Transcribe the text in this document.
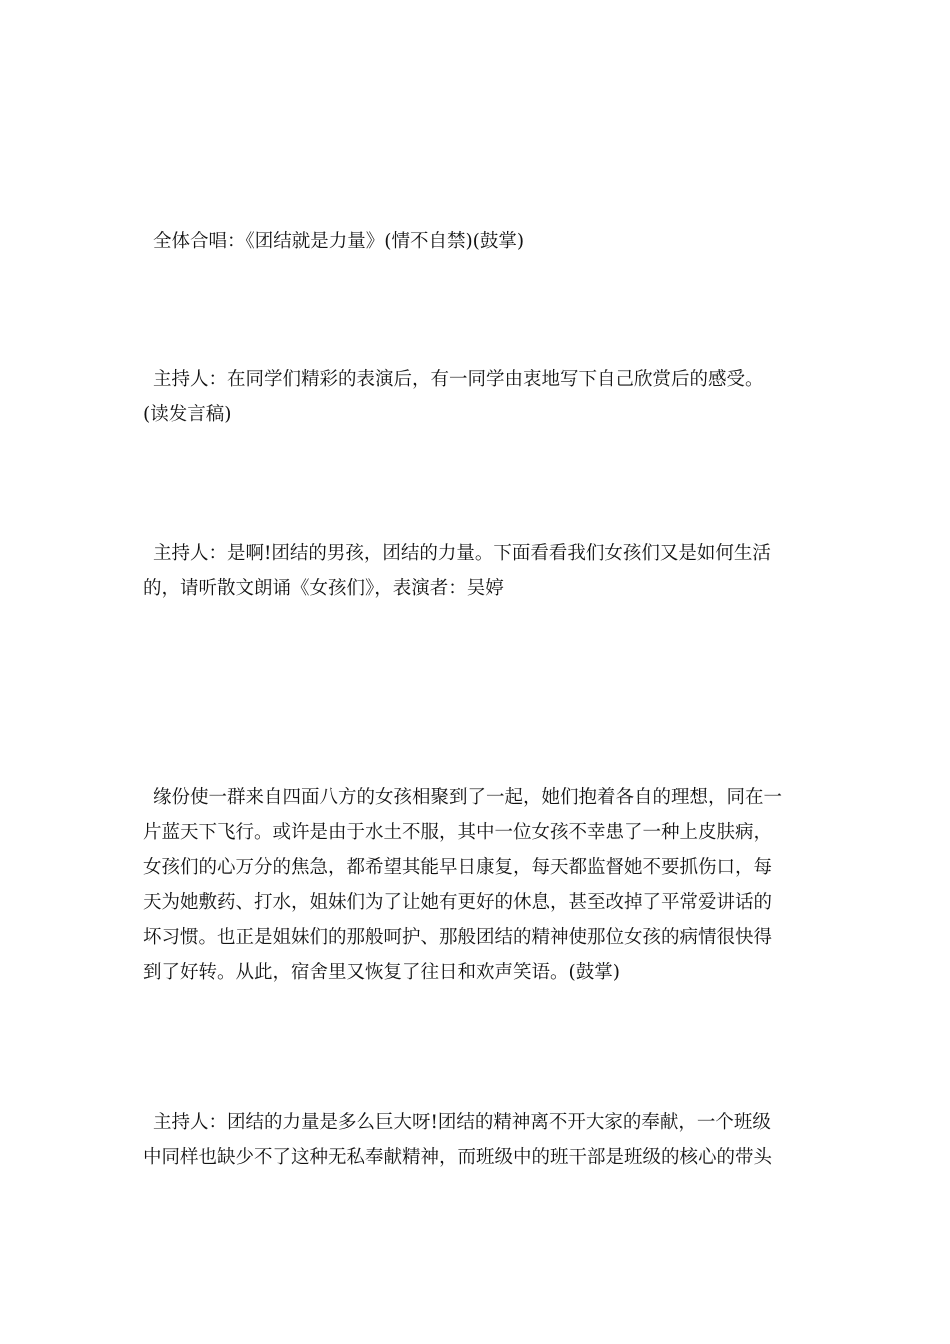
全体合唱：《团结就是力量》(情不自禁)(鼓掌)

主持人：在同学们精彩的表演后，有一同学由衷地写下自己欣赏后的感受。
(读发言稿)

主持人：是啊!团结的男孩，团结的力量。下面看看我们女孩们又是如何生活
的，请听散文朗诵《女孩们》，表演者：吴婷

缘份使一群来自四面八方的女孩相聚到了一起，她们抱着各自的理想，同在一
片蓝天下飞行。或许是由于水土不服，其中一位女孩不幸患了一种上皮肤病，
女孩们的心万分的焦急，都希望其能早日康复，每天都监督她不要抓伤口，每
天为她敷药、打水，姐妹们为了让她有更好的休息，甚至改掉了平常爱讲话的
坏习惯。也正是姐妹们的那般呵护、那般团结的精神使那位女孩的病情很快得
到了好转。从此，宿舍里又恢复了往日和欢声笑语。(鼓掌)

主持人：团结的力量是多么巨大呀!团结的精神离不开大家的奉献，一个班级
中同样也缺少不了这种无私奉献精神，而班级中的班干部是班级的核心的带头
